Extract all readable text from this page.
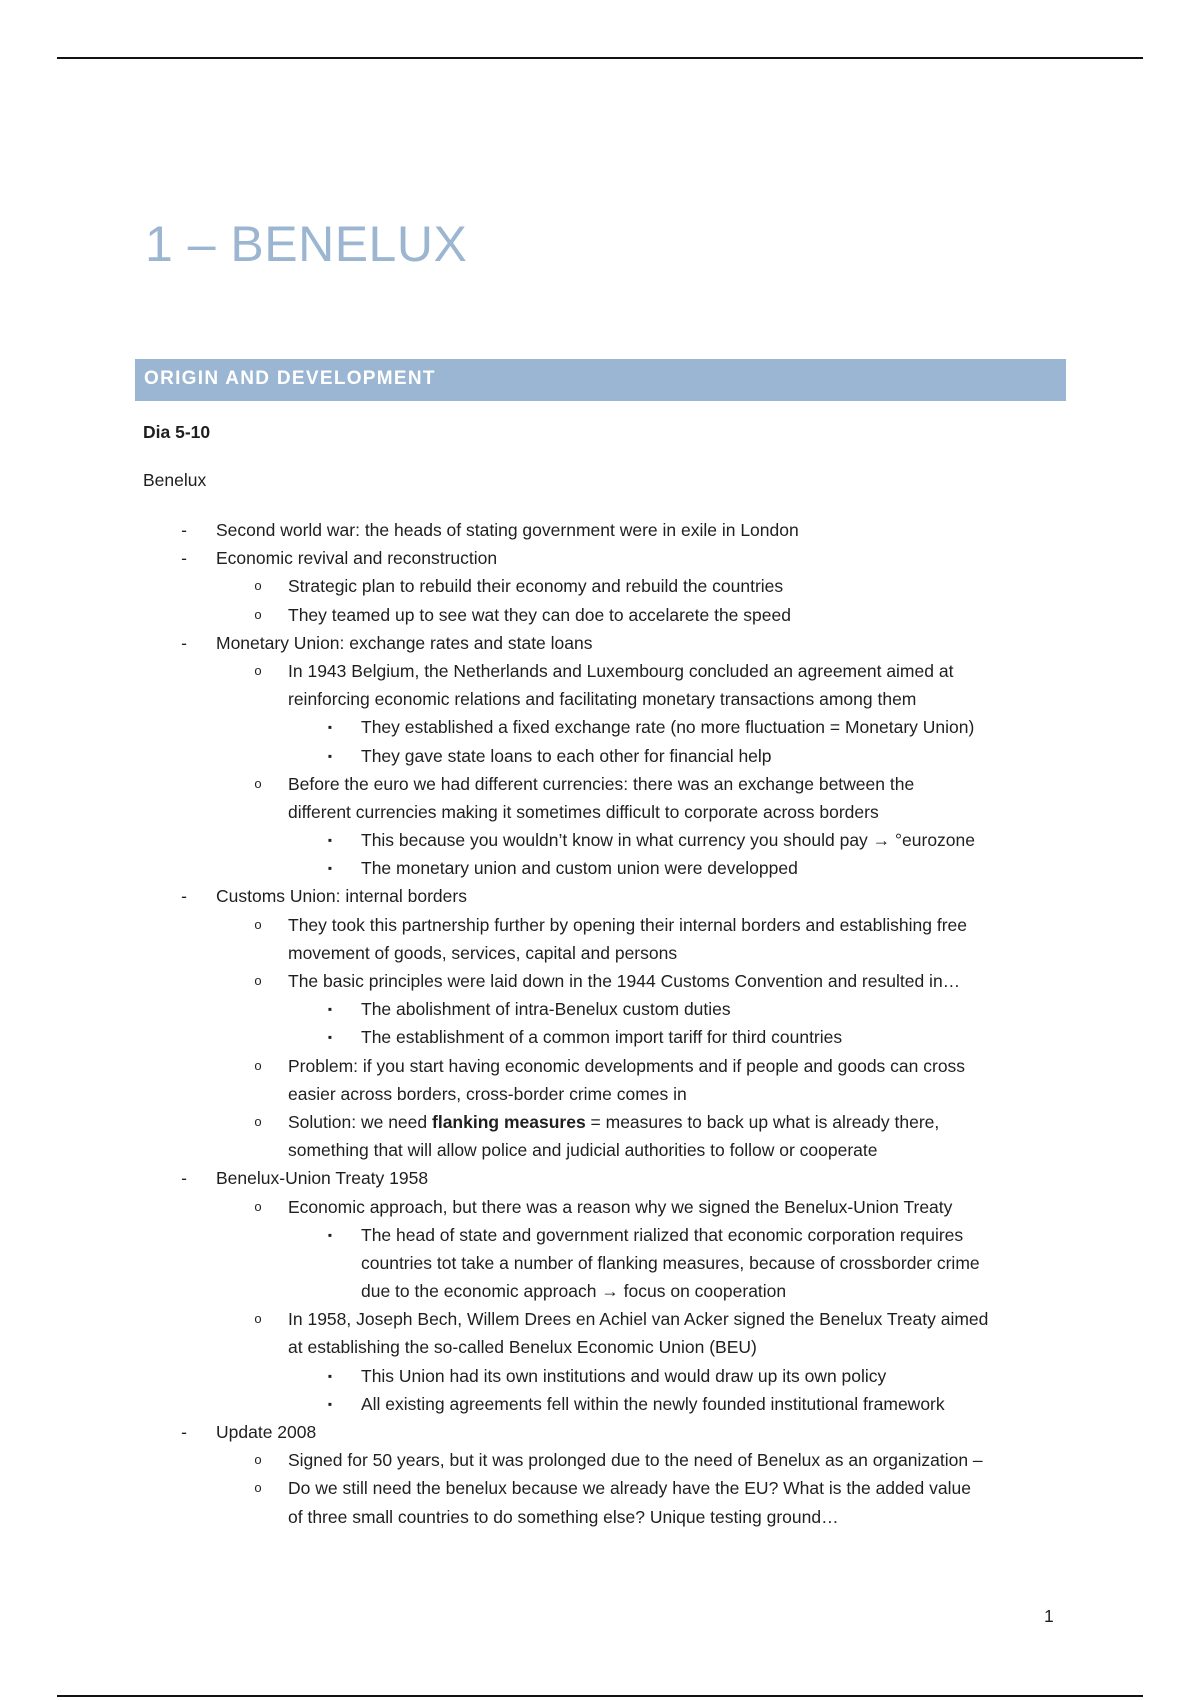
1 – BENELUX
ORIGIN AND DEVELOPMENT
Dia 5-10
Benelux
- Second world war: the heads of stating government were in exile in London
- Economic revival and reconstruction
o Strategic plan to rebuild their economy and rebuild the countries
o They teamed up to see wat they can doe to accelarete the speed
- Monetary Union: exchange rates and state loans
o In 1943 Belgium, the Netherlands and Luxembourg concluded an agreement aimed at
reinforcing economic relations and facilitating monetary transactions among them
▪ They established a fixed exchange rate (no more fluctuation = Monetary Union)
▪ They gave state loans to each other for financial help
o Before the euro we had different currencies: there was an exchange between the
different currencies making it sometimes difficult to corporate across borders
▪ This because you wouldn’t know in what currency you should pay → °eurozone
▪ The monetary union and custom union were developped
- Customs Union: internal borders
o They took this partnership further by opening their internal borders and establishing free
movement of goods, services, capital and persons
o The basic principles were laid down in the 1944 Customs Convention and resulted in…
▪ The abolishment of intra-Benelux custom duties
▪ The establishment of a common import tariff for third countries
o Problem: if you start having economic developments and if people and goods can cross
easier across borders, cross-border crime comes in
o Solution: we need flanking measures = measures to back up what is already there,
something that will allow police and judicial authorities to follow or cooperate
- Benelux-Union Treaty 1958
o Economic approach, but there was a reason why we signed the Benelux-Union Treaty
▪ The head of state and government rialized that economic corporation requires
countries tot take a number of flanking measures, because of crossborder crime
due to the economic approach → focus on cooperation
o In 1958, Joseph Bech, Willem Drees en Achiel van Acker signed the Benelux Treaty aimed
at establishing the so-called Benelux Economic Union (BEU)
▪ This Union had its own institutions and would draw up its own policy
▪ All existing agreements fell within the newly founded institutional framework
- Update 2008
o Signed for 50 years, but it was prolonged due to the need of Benelux as an organization –
o Do we still need the benelux because we already have the EU? What is the added value
of three small countries to do something else? Unique testing ground…
1
